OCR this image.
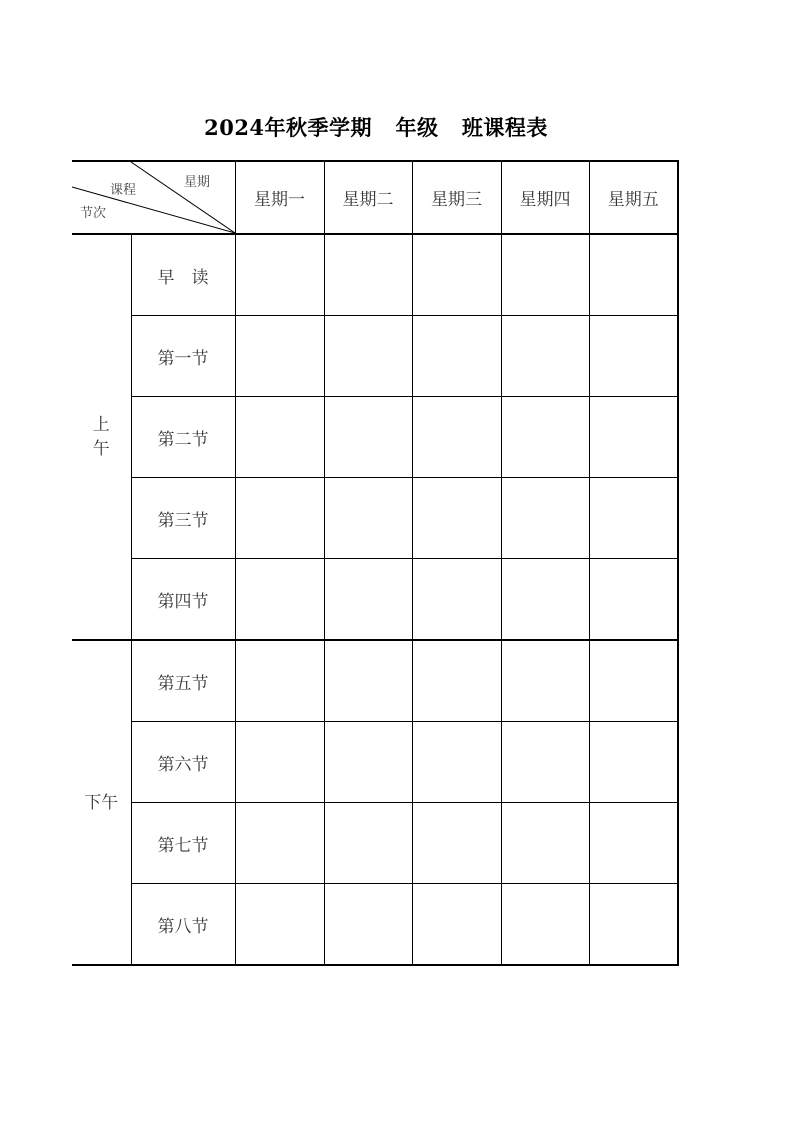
2024年秋季学期   年级   班课程表
星期
课程
节次		星期一	星期二	星期三	星期四	星期五

上
午	早　读					
	第一节					
	第二节					
	第三节					
	第四节					

下午	第五节					
	第六节					
	第七节					
	第八节					
